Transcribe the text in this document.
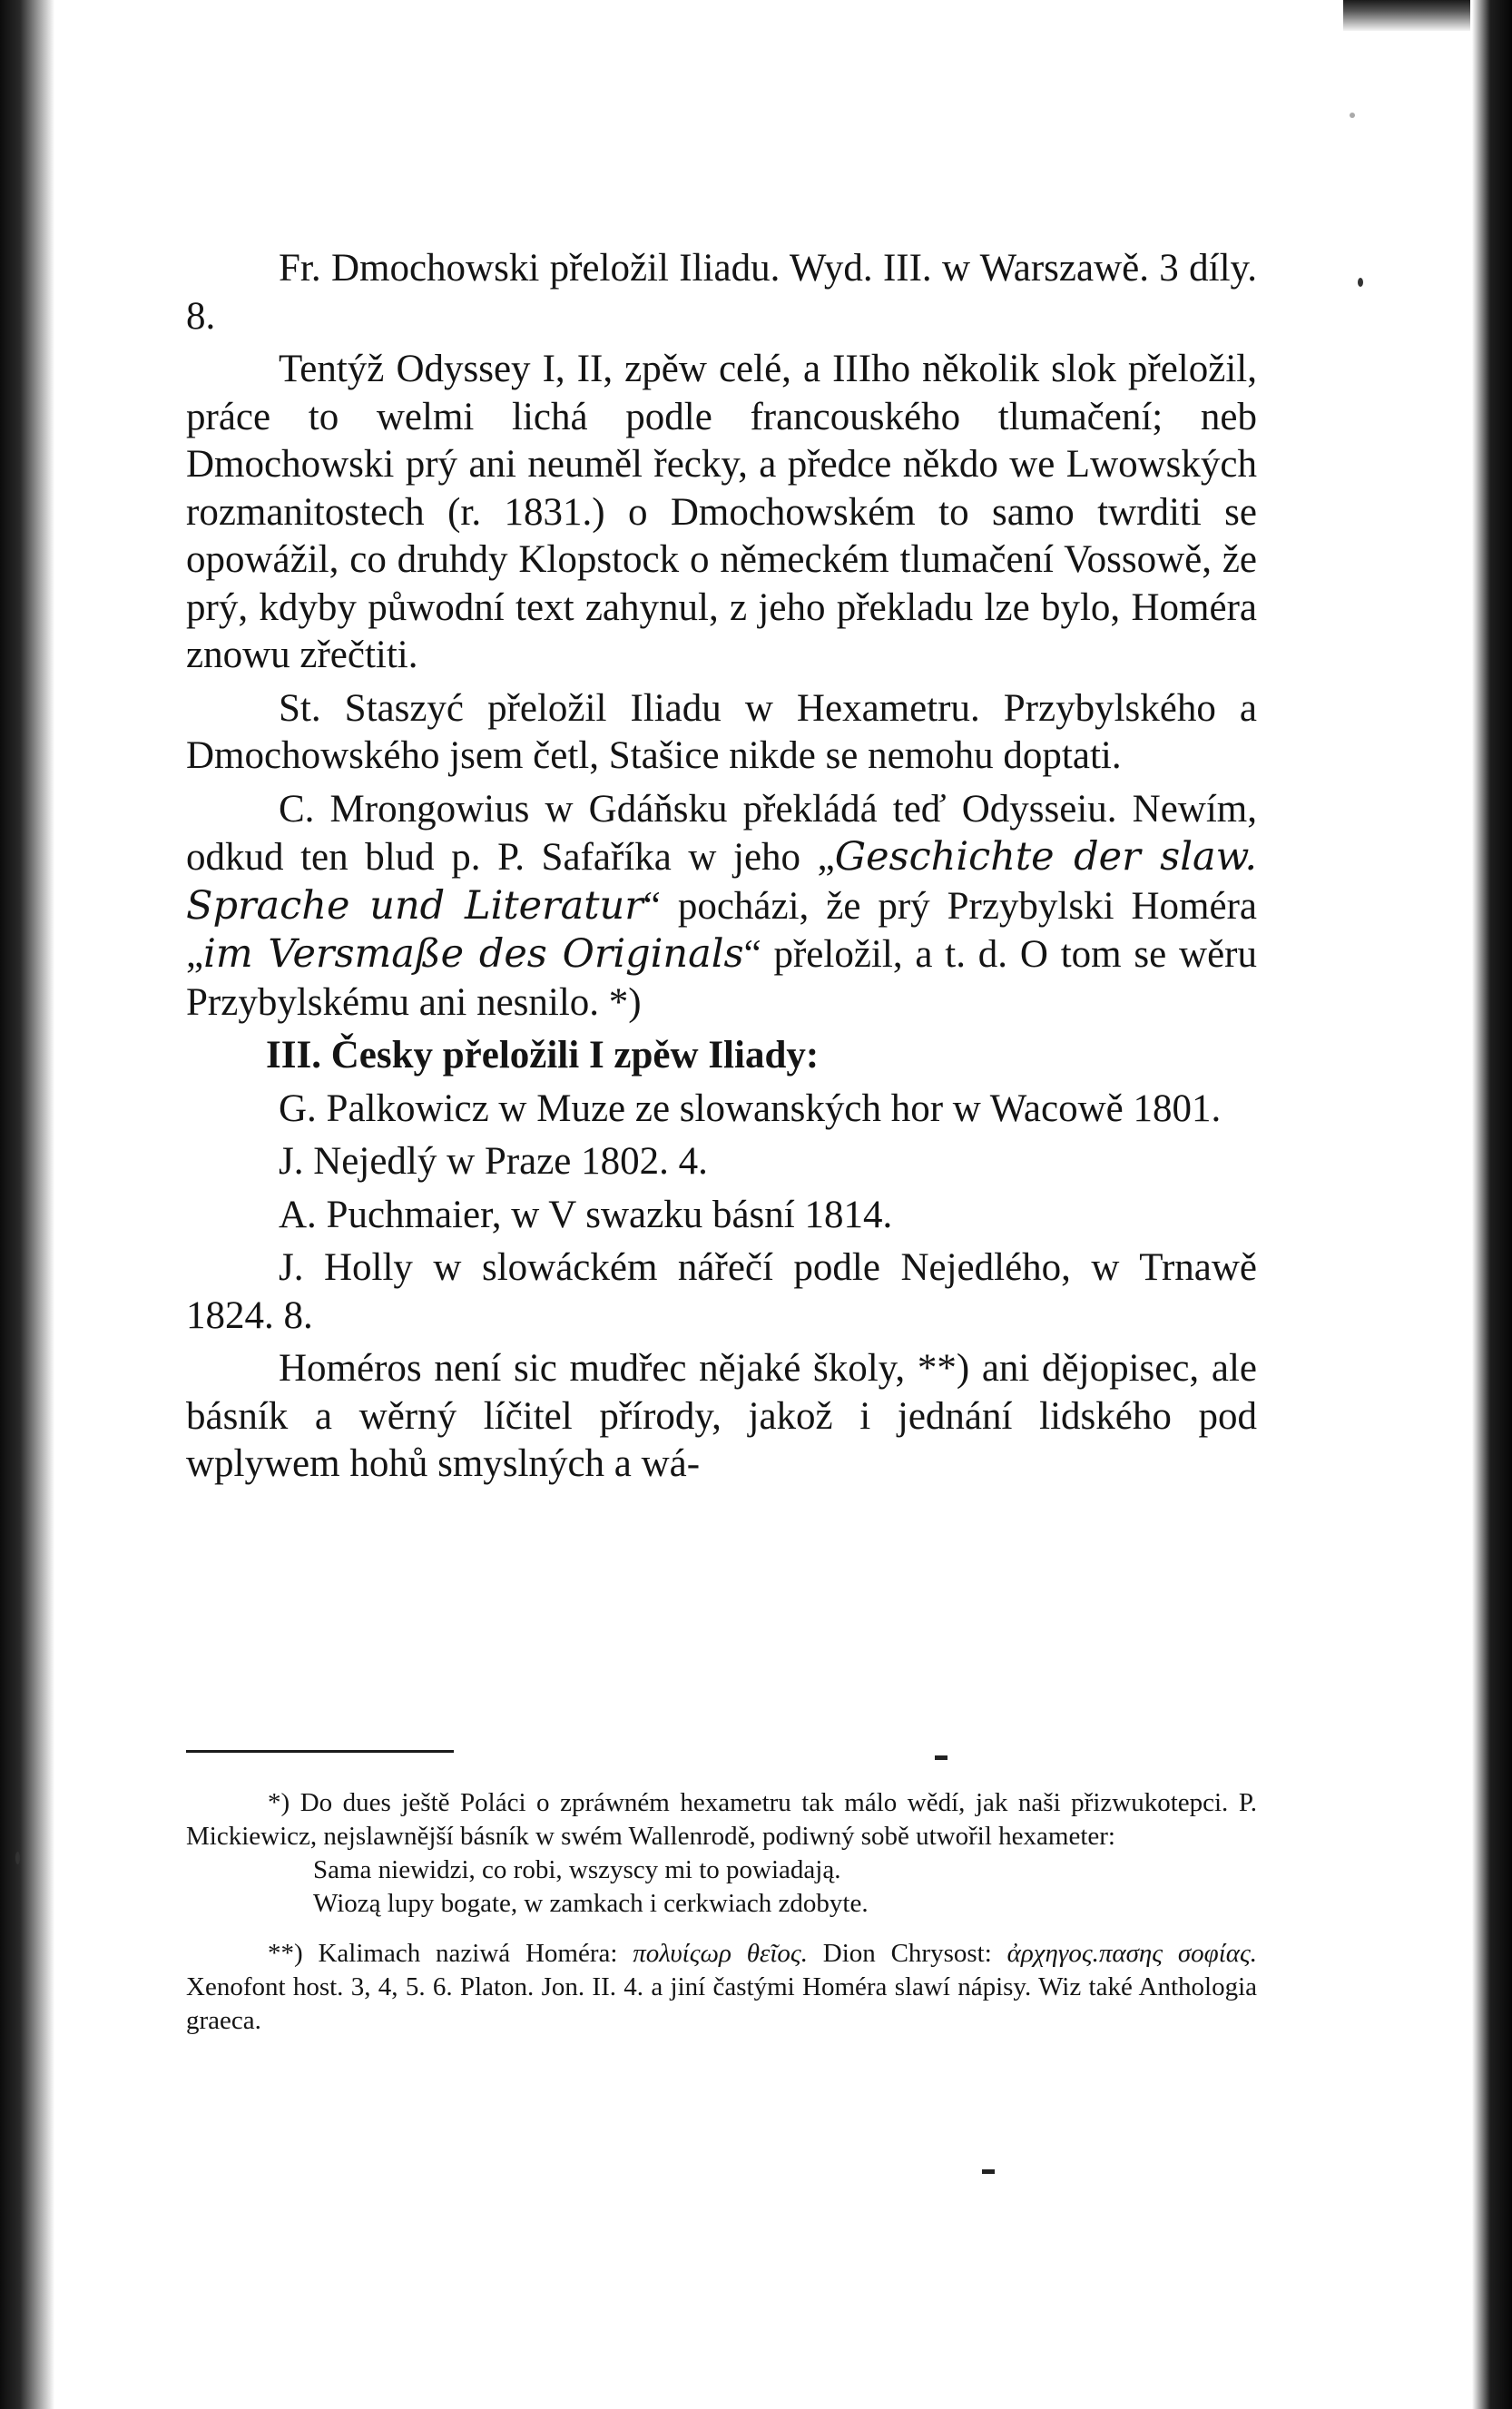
Fr. Dmochowski přeložil Iliadu. Wyd. III. w Warszawě. 3 díly. 8.

Tentýž Odyssey I, II, zpěw celé, a IIIho několik slok přeložil, práce to welmi lichá podle francouského tlumačení; neb Dmochowski prý ani neuměl řecky, a předce někdo we Lwowských rozmanitostech (r. 1831.) o Dmochowském to samo twrditi se opowážil, co druhdy Klopstock o německém tlumačení Vossowě, že prý, kdyby půwodní text zahynul, z jeho překladu lze bylo, Homéra znowu zřečtiti.

St. Staszyć přeložil Iliadu w Hexametru. Przybylského a Dmochowského jsem četl, Stašice nikde se nemohu doptati.

C. Mrongowius w Gdáňsku překládá teď Odysseiu. Newím, odkud ten blud p. P. Safaříka w jeho „Geschichte der slaw. Sprache und Literatur“ pocházi, že prý Przybylski Homéra „im Versmaße des Originals“ přeložil, a t. d. O tom se wěru Przybylskému ani nesnilo. *)

III. Česky přeložili I zpěw Iliady:

G. Palkowicz w Muze ze slowanských hor w Wacowě 1801.

J. Nejedlý w Praze 1802. 4.

A. Puchmaier, w V swazku básní 1814.

J. Holly w slowáckém nářečí podle Nejedlého, w Trnawě 1824. 8.

Homéros není sic mudřec nějaké školy, **) ani dějopisec, ale básník a wěrný líčitel přírody, jakož i jednání lidského pod wplywem hohů smyslných a wá-

*) Do dues ještě Poláci o zpráwném hexametru tak málo wědí, jak naši přizwukotepci. P. Mickiewicz, nejslawnější básník w swém Wallenrodě, podiwný sobě utwořil hexameter:

Sama niewidzi, co robi, wszyscy mi to powiadają.

Wiozą lupy bogate, w zamkach i cerkwiach zdobyte.

**) Kalimach naziwá Homéra: πολυίςωρ θεῖος. Dion Chrysost: ἀρχηγος.πασης σοφίας. Xenofont host. 3, 4, 5. 6. Platon. Jon. II. 4. a jiní častými Homéra slawí nápisy. Wiz také Anthologia graeca.
